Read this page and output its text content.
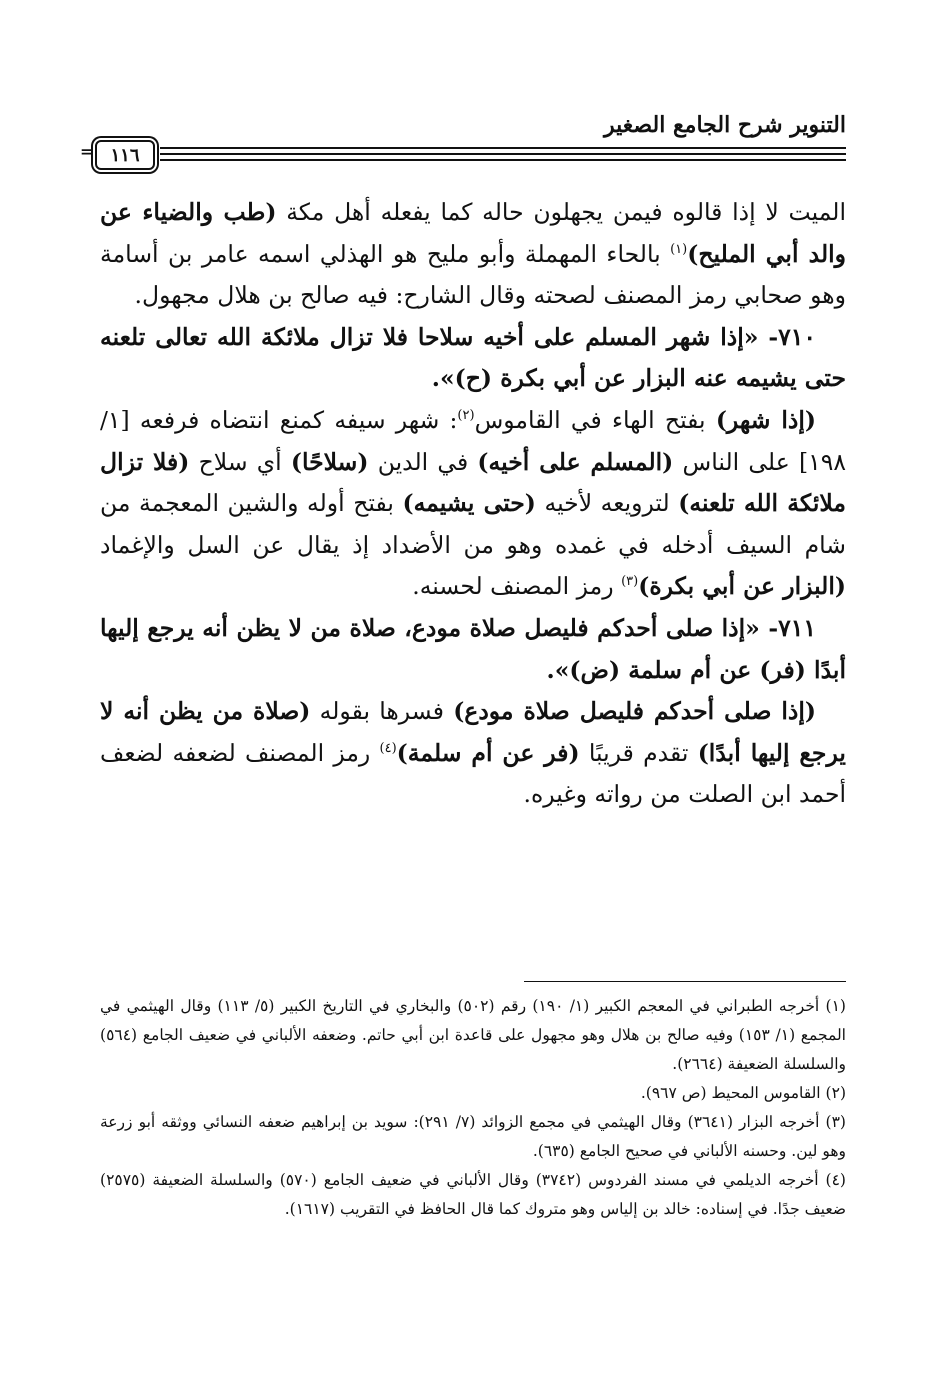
التنوير شرح الجامع الصغير
١١٦
=

الميت لا إذا قالوه فيمن يجهلون حاله كما يفعله أهل مكة (طب والضياء عن والد أبي المليح)$^{(١)}$ بالحاء المهملة وأبو مليح هو الهذلي اسمه عامر بن أسامة وهو صحابي رمز المصنف لصحته وقال الشارح: فيه صالح بن هلال مجهول.

٧١٠- «إذا شهر المسلم على أخيه سلاحا فلا تزال ملائكة الله تعالى تلعنه حتى يشيمه عنه البزار عن أبي بكرة (ح)».

(إذا شهر) بفتح الهاء في القاموس$^{(٢)}$: شهر سيفه كمنع انتضاه فرفعه [١/ ١٩٨] على الناس (المسلم على أخيه) في الدين (سلاحًا) أي سلاح (فلا تزال ملائكة الله تلعنه) لترويعه لأخيه (حتى يشيمه) بفتح أوله والشين المعجمة من شام السيف أدخله في غمده وهو من الأضداد إذ يقال عن السل والإغماد (البزار عن أبي بكرة)$^{(٣)}$ رمز المصنف لحسنه.

٧١١- «إذا صلى أحدكم فليصل صلاة مودع، صلاة من لا يظن أنه يرجع إليها أبدًا (فر) عن أم سلمة (ض)».

(إذا صلى أحدكم فليصل صلاة مودع) فسرها بقوله (صلاة من يظن أنه لا يرجع إليها أبدًا) تقدم قريبًا (فر عن أم سلمة)$^{(٤)}$ رمز المصنف لضعفه لضعف أحمد ابن الصلت من رواته وغيره.

(١) أخرجه الطبراني في المعجم الكبير (١/ ١٩٠) رقم (٥٠٢) والبخاري في التاريخ الكبير (٥/ ١١٣) وقال الهيثمي في المجمع (١/ ١٥٣) وفيه صالح بن هلال وهو مجهول على قاعدة ابن أبي حاتم. وضعفه الألباني في ضعيف الجامع (٥٦٤) والسلسلة الضعيفة (٢٦٦٤).

(٢) القاموس المحيط (ص ٩٦٧).

(٣) أخرجه البزار (٣٦٤١) وقال الهيثمي في مجمع الزوائد (٧/ ٢٩١): سويد بن إبراهيم ضعفه النسائي ووثقه أبو زرعة وهو لين. وحسنه الألباني في صحيح الجامع (٦٣٥).

(٤) أخرجه الديلمي في مسند الفردوس (٣٧٤٢) وقال الألباني في ضعيف الجامع (٥٧٠) والسلسلة الضعيفة (٢٥٧٥) ضعيف جدًا. في إسناده: خالد بن إلياس وهو متروك كما قال الحافظ في التقريب (١٦١٧).
